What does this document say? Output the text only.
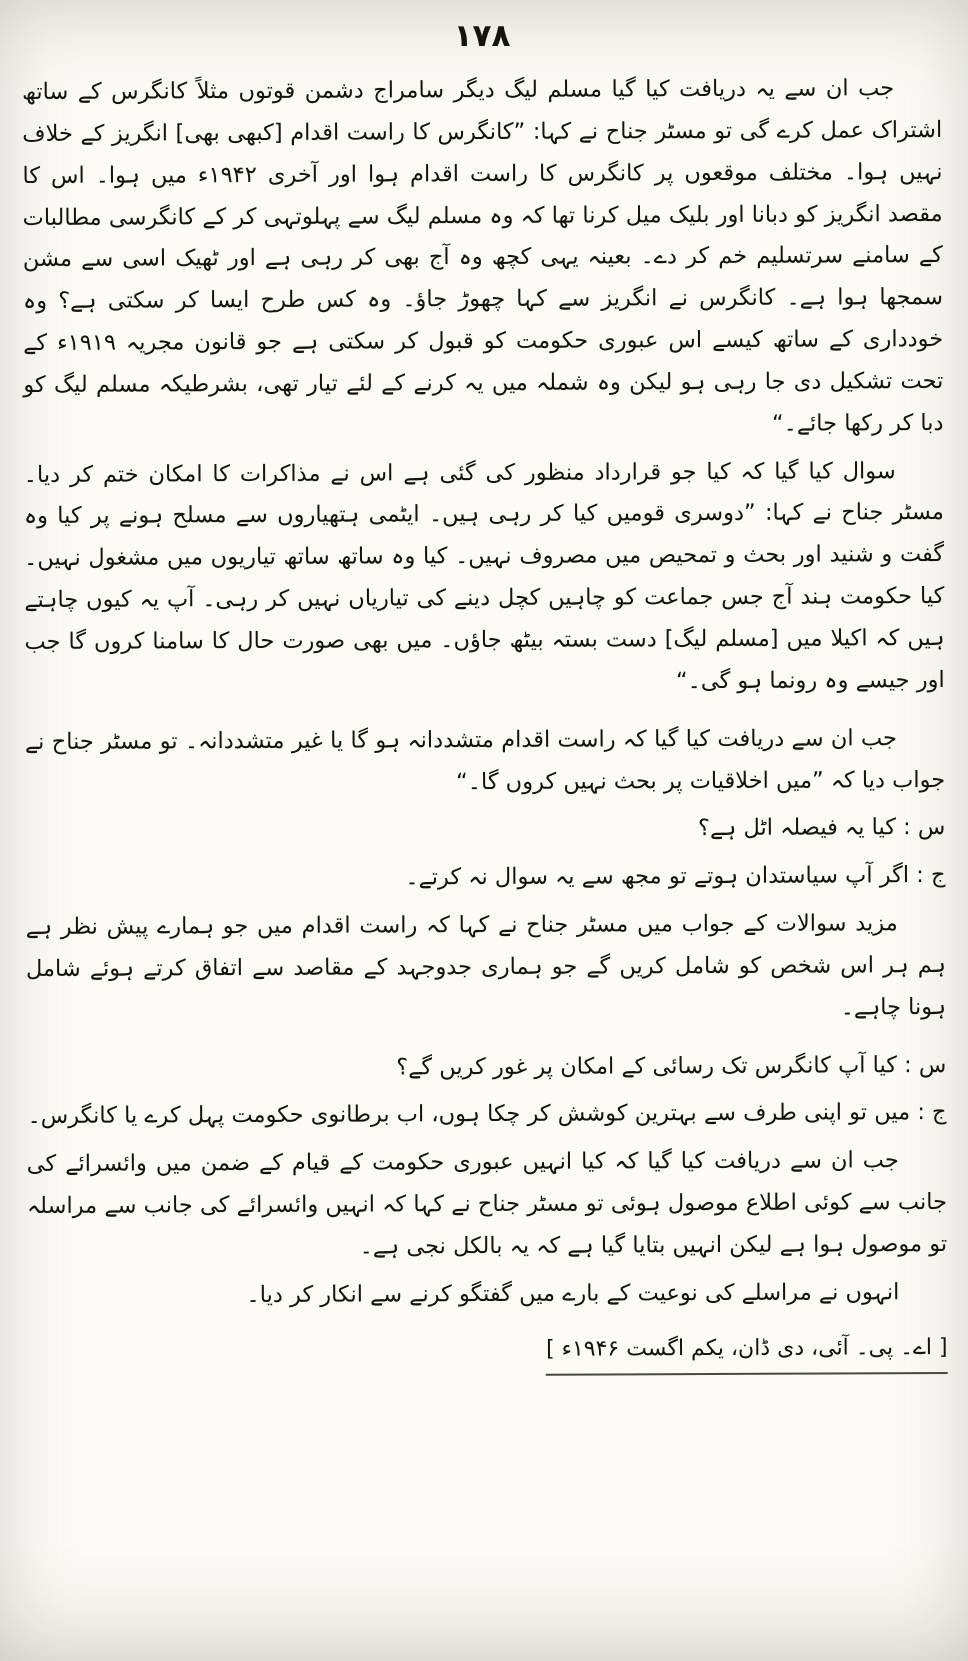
۱۷۸

جب ان سے یہ دریافت کیا گیا مسلم لیگ دیگر سامراج دشمن قوتوں مثلاً کانگرس کے ساتھ اشتراک عمل کرے گی تو مسٹر جناح نے کہا: ”کانگرس کا راست اقدام [کبھی بھی] انگریز کے خلاف نہیں ہوا۔ مختلف موقعوں پر کانگرس کا راست اقدام ہوا اور آخری ۱۹۴۲ء میں ہوا۔ اس کا مقصد انگریز کو دبانا اور بلیک میل کرنا تھا کہ وہ مسلم لیگ سے پہلوتہی کر کے کانگرسی مطالبات کے سامنے سرتسلیم خم کر دے۔ بعینہ یہی کچھ وہ آج بھی کر رہی ہے اور ٹھیک اسی سے مشن سمجھا ہوا ہے۔ کانگرس نے انگریز سے کہا چھوڑ جاؤ۔ وہ کس طرح ایسا کر سکتی ہے؟ وہ خودداری کے ساتھ کیسے اس عبوری حکومت کو قبول کر سکتی ہے جو قانون مجریہ ۱۹۱۹ء کے تحت تشکیل دی جا رہی ہو لیکن وہ شملہ میں یہ کرنے کے لئے تیار تھی، بشرطیکہ مسلم لیگ کو دبا کر رکھا جائے۔“

سوال کیا گیا کہ کیا جو قرارداد منظور کی گئی ہے اس نے مذاکرات کا امکان ختم کر دیا۔ مسٹر جناح نے کہا: ”دوسری قومیں کیا کر رہی ہیں۔ ایٹمی ہتھیاروں سے مسلح ہونے پر کیا وہ گفت و شنید اور بحث و تمحیص میں مصروف نہیں۔ کیا وہ ساتھ ساتھ تیاریوں میں مشغول نہیں۔ کیا حکومت ہند آج جس جماعت کو چاہیں کچل دینے کی تیاریاں نہیں کر رہی۔ آپ یہ کیوں چاہتے ہیں کہ اکیلا میں [مسلم لیگ] دست بستہ بیٹھ جاؤں۔ میں بھی صورت حال کا سامنا کروں گا جب اور جیسے وہ رونما ہو گی۔“

جب ان سے دریافت کیا گیا کہ راست اقدام متشددانہ ہو گا یا غیر متشددانہ۔ تو مسٹر جناح نے جواب دیا کہ ”میں اخلاقیات پر بحث نہیں کروں گا۔“

س : کیا یہ فیصلہ اٹل ہے؟

ج : اگر آپ سیاستدان ہوتے تو مجھ سے یہ سوال نہ کرتے۔

مزید سوالات کے جواب میں مسٹر جناح نے کہا کہ راست اقدام میں جو ہمارے پیش نظر ہے ہم ہر اس شخص کو شامل کریں گے جو ہماری جدوجہد کے مقاصد سے اتفاق کرتے ہوئے شامل ہونا چاہے۔

س : کیا آپ کانگرس تک رسائی کے امکان پر غور کریں گے؟

ج : میں تو اپنی طرف سے بہترین کوشش کر چکا ہوں، اب برطانوی حکومت پہل کرے یا کانگرس۔

جب ان سے دریافت کیا گیا کہ کیا انہیں عبوری حکومت کے قیام کے ضمن میں وائسرائے کی جانب سے کوئی اطلاع موصول ہوئی تو مسٹر جناح نے کہا کہ انہیں وائسرائے کی جانب سے مراسلہ تو موصول ہوا ہے لیکن انہیں بتایا گیا ہے کہ یہ بالکل نجی ہے۔

انہوں نے مراسلے کی نوعیت کے بارے میں گفتگو کرنے سے انکار کر دیا۔

[ اے۔ پی۔ آئی، دی ڈان، یکم اگست ۱۹۴۶ء ]
